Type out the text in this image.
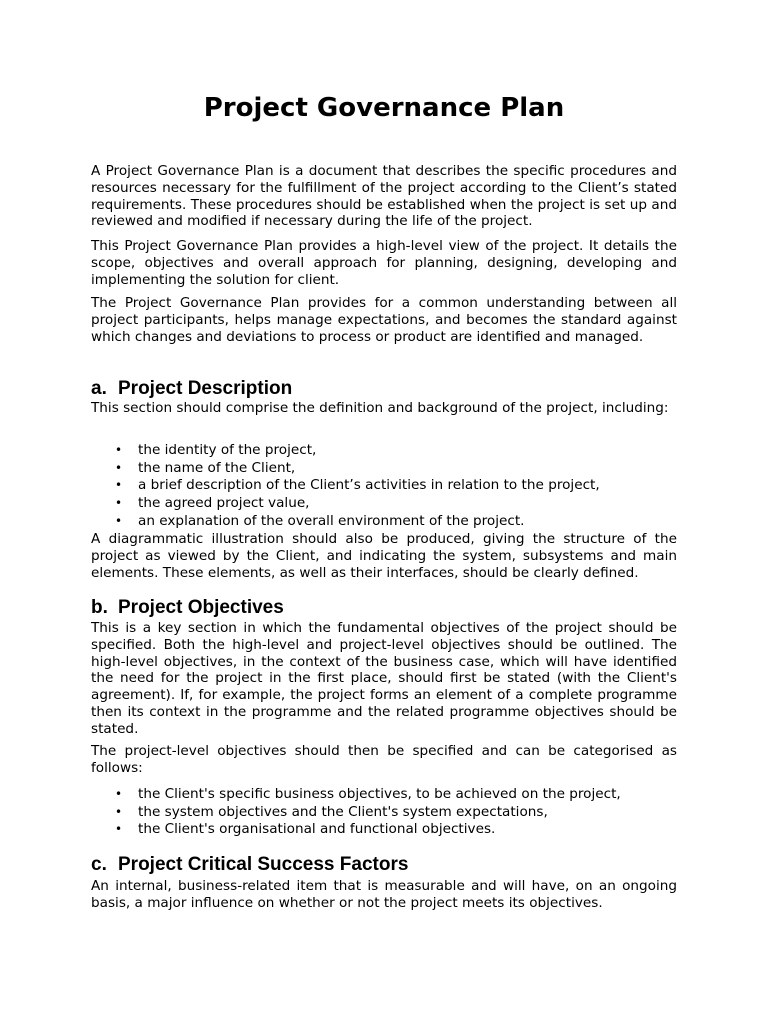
Project Governance Plan

A Project Governance Plan is a document that describes the specific procedures and resources necessary for the fulfillment of the project according to the Client’s stated requirements. These procedures should be established when the project is set up and reviewed and modified if necessary during the life of the project.

This Project Governance Plan provides a high-level view of the project. It details the scope, objectives and overall approach for planning, designing, developing and implementing the solution for client.

The Project Governance Plan provides for a common understanding between all project participants, helps manage expectations, and becomes the standard against which changes and deviations to process or product are identified and managed.

a. Project Description

This section should comprise the definition and background of the project, including:

• the identity of the project,
• the name of the Client,
• a brief description of the Client’s activities in relation to the project,
• the agreed project value,
• an explanation of the overall environment of the project.

A diagrammatic illustration should also be produced, giving the structure of the project as viewed by the Client, and indicating the system, subsystems and main elements. These elements, as well as their interfaces, should be clearly defined.

b. Project Objectives

This is a key section in which the fundamental objectives of the project should be specified. Both the high-level and project-level objectives should be outlined. The high-level objectives, in the context of the business case, which will have identified the need for the project in the first place, should first be stated (with the Client's agreement). If, for example, the project forms an element of a complete programme then its context in the programme and the related programme objectives should be stated.

The project-level objectives should then be specified and can be categorised as follows:

• the Client's specific business objectives, to be achieved on the project,
• the system objectives and the Client's system expectations,
• the Client's organisational and functional objectives.
c. Project Critical Success Factors

An internal, business-related item that is measurable and will have, on an ongoing basis, a major influence on whether or not the project meets its objectives.
